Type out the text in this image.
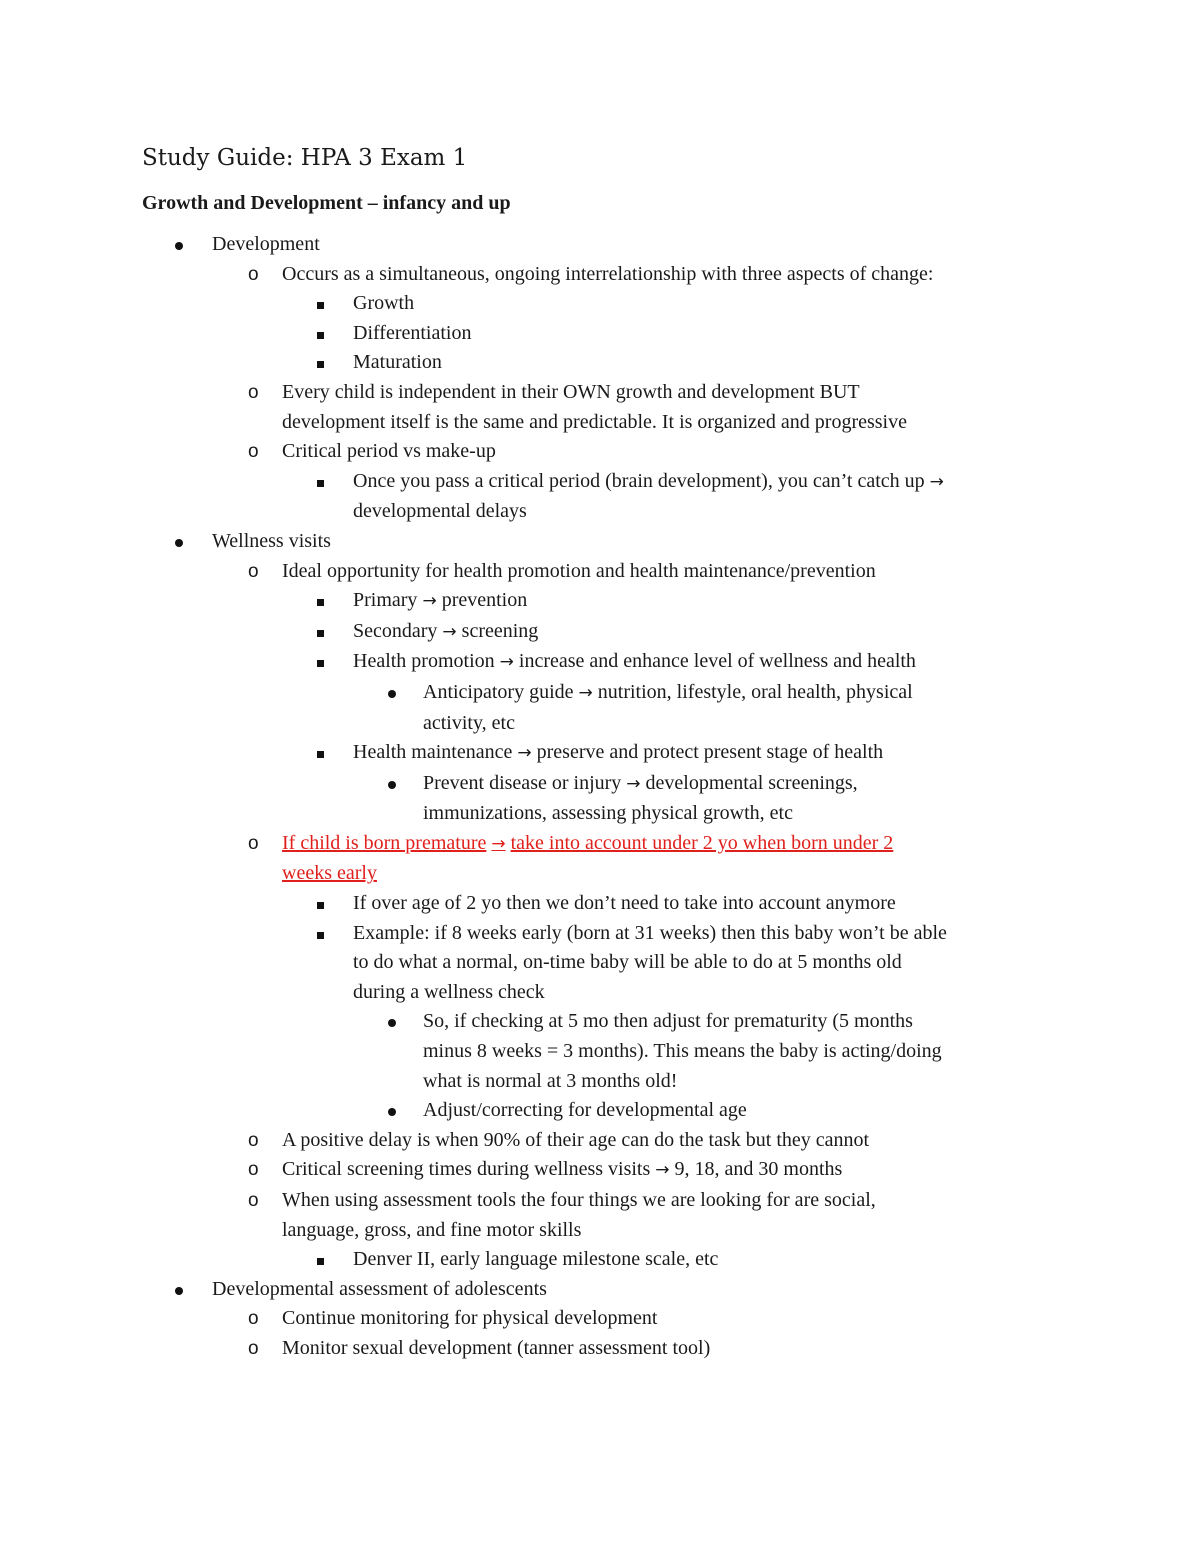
Study Guide: HPA 3 Exam 1
Growth and Development – infancy and up
Development
o Occurs as a simultaneous, ongoing interrelationship with three aspects of change:
Growth
Differentiation
Maturation
o Every child is independent in their OWN growth and development BUT
development itself is the same and predictable. It is organized and progressive
o Critical period vs make-up
Once you pass a critical period (brain development), you can’t catch up →
developmental delays
Wellness visits
o Ideal opportunity for health promotion and health maintenance/prevention
Primary → prevention
Secondary → screening
Health promotion → increase and enhance level of wellness and health
Anticipatory guide → nutrition, lifestyle, oral health, physical
activity, etc
Health maintenance → preserve and protect present stage of health
Prevent disease or injury → developmental screenings,
immunizations, assessing physical growth, etc
o If child is born premature → take into account under 2 yo when born under 2
weeks early
If over age of 2 yo then we don’t need to take into account anymore
Example: if 8 weeks early (born at 31 weeks) then this baby won’t be able
to do what a normal, on-time baby will be able to do at 5 months old
during a wellness check
So, if checking at 5 mo then adjust for prematurity (5 months
minus 8 weeks = 3 months). This means the baby is acting/doing
what is normal at 3 months old!
Adjust/correcting for developmental age
o A positive delay is when 90% of their age can do the task but they cannot
o Critical screening times during wellness visits → 9, 18, and 30 months
o When using assessment tools the four things we are looking for are social,
language, gross, and fine motor skills
Denver II, early language milestone scale, etc
Developmental assessment of adolescents
o Continue monitoring for physical development
o Monitor sexual development (tanner assessment tool)
